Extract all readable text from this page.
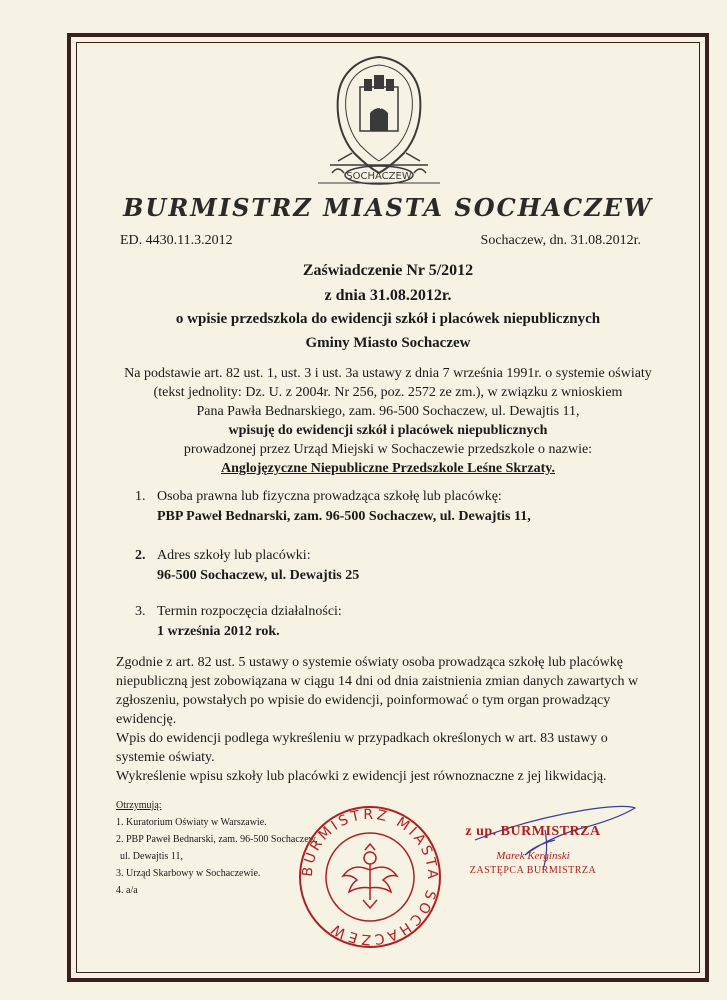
4
SOCHACZEW
BURMISTRZ MIASTA SOCHACZEW
ED. 4430.11.3.2012	Sochaczew, dn. 31.08.2012r.
Zaświadczenie Nr 5/2012
z dnia 31.08.2012r.
o wpisie przedszkola do ewidencji szkół i placówek niepublicznych
Gminy Miasto Sochaczew
Na podstawie art. 82 ust. 1, ust. 3 i ust. 3a ustawy z dnia 7 września 1991r. o systemie oświaty
(tekst jednolity: Dz. U. z 2004r. Nr 256, poz. 2572 ze zm.), w związku z wnioskiem
Pana Pawła Bednarskiego, zam. 96-500 Sochaczew, ul. Dewajtis 11,
wpisuję do ewidencji szkół i placówek niepublicznych
prowadzonej przez Urząd Miejski w Sochaczewie przedszkole o nazwie:
Anglojęzyczne Niepubliczne Przedszkole Leśne Skrzaty.
1. Osoba prawna lub fizyczna prowadząca szkołę lub placówkę:
PBP Paweł Bednarski, zam. 96-500 Sochaczew, ul. Dewajtis 11,
2. Adres szkoły lub placówki:
96-500 Sochaczew, ul. Dewajtis 25
3. Termin rozpoczęcia działalności:
1 września 2012 rok.
Zgodnie z art. 82 ust. 5 ustawy o systemie oświaty osoba prowadząca szkołę lub placówkę
niepubliczną jest zobowiązana w ciągu 14 dni od dnia zaistnienia zmian danych zawartych w
zgłoszeniu, powstałych po wpisie do ewidencji, poinformować o tym organ prowadzący
ewidencję.
Wpis do ewidencji podlega wykreśleniu w przypadkach określonych w art. 83 ustawy o
systemie oświaty.
Wykreślenie wpisu szkoły lub placówki z ewidencji jest równoznaczne z jej likwidacją.
Otrzymują:
1. Kuratorium Oświaty w Warszawie.
2. PBP Paweł Bednarski, zam. 96-500 Sochaczew,
ul. Dewajtis 11,
3. Urząd Skarbowy w Sochaczewie.
4. a/a
BURMISTRZ MIASTA SOCHACZEW
z up. BURMISTRZA
Marek Kerginski
ZASTĘPCA BURMISTRZA
